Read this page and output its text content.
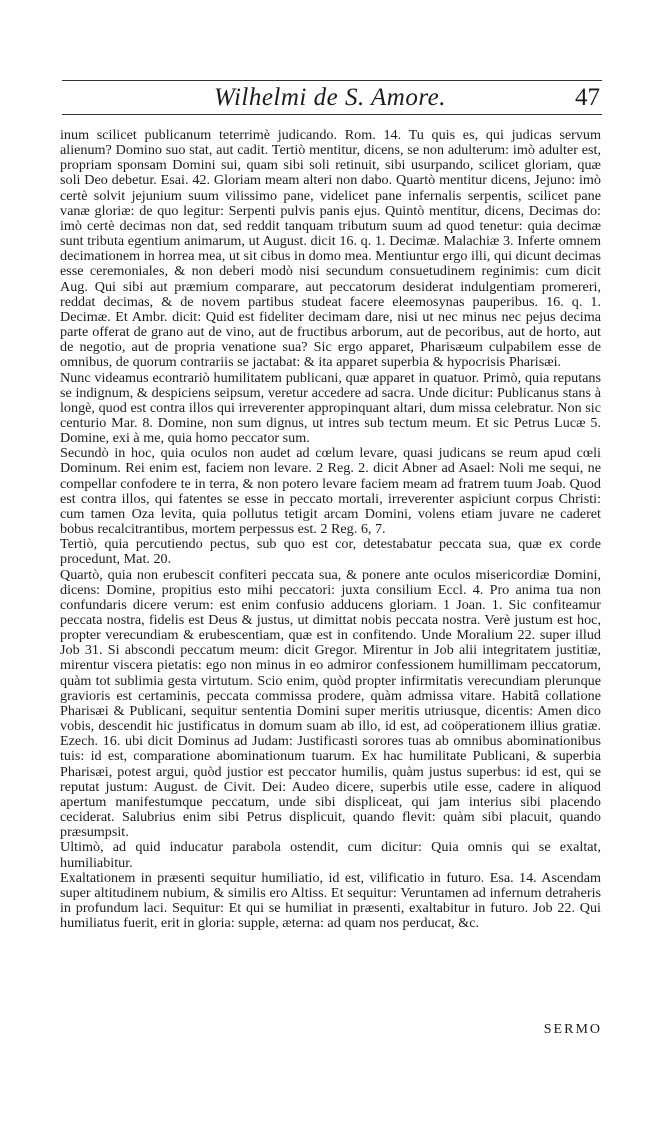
Wilhelmi de S. Amore.	47

inum scilicet publicanum teterrimè judicando. Rom. 14. Tu quis es, qui judicas servum alienum? Domino suo stat, aut cadit. Tertiò mentitur, dicens, se non adulterum: imò adulter est, propriam sponsam Domini sui, quam sibi soli retinuit, sibi usurpando, scilicet gloriam, quæ soli Deo debetur. Esai. 42. Gloriam meam alteri non dabo. Quartò mentitur dicens, Jejuno: imò certè solvit jejunium suum vilissimo pane, videlicet pane infernalis serpentis, scilicet pane vanæ gloriæ: de quo legitur: Serpenti pulvis panis ejus. Quintò mentitur, dicens, Decimas do: imò certè decimas non dat, sed reddit tanquam tributum suum ad quod tenetur: quia decimæ sunt tributa egentium animarum, ut August. dicit 16. q. 1. Decimæ. Malachiæ 3. Inferte omnem decimationem in horrea mea, ut sit cibus in domo mea. Mentiuntur ergo illi, qui dicunt decimas esse ceremoniales, & non deberi modò nisi secundum consuetudinem reginimis: cum dicit Aug. Qui sibi aut præmium comparare, aut peccatorum desiderat indulgentiam promereri, reddat decimas, & de novem partibus studeat facere eleemosynas pauperibus. 16. q. 1. Decimæ. Et Ambr. dicit: Quid est fideliter decimam dare, nisi ut nec minus nec pejus decima parte offerat de grano aut de vino, aut de fructibus arborum, aut de pecoribus, aut de horto, aut de negotio, aut de propria venatione sua? Sic ergo apparet, Pharisæum culpabilem esse de omnibus, de quorum contrariis se jactabat: & ita apparet superbia & hypocrisis Pharisæi.

Nunc videamus econtrariò humilitatem publicani, quæ apparet in quatuor. Primò, quia reputans se indignum, & despiciens seipsum, veretur accedere ad sacra. Unde dicitur: Publicanus stans à longè, quod est contra illos qui irreverenter appropinquant altari, dum missa celebratur. Non sic centurio Mar. 8. Domine, non sum dignus, ut intres sub tectum meum. Et sic Petrus Lucæ 5. Domine, exi à me, quia homo peccator sum.

Secundò in hoc, quia oculos non audet ad cœlum levare, quasi judicans se reum apud cœli Dominum. Rei enim est, faciem non levare. 2 Reg. 2. dicit Abner ad Asael: Noli me sequi, ne compellar confodere te in terra, & non potero levare faciem meam ad fratrem tuum Joab. Quod est contra illos, qui fatentes se esse in peccato mortali, irreverenter aspiciunt corpus Christi: cum tamen Oza levita, quia pollutus tetigit arcam Domini, volens etiam juvare ne caderet bobus recalcitrantibus, mortem perpessus est. 2 Reg. 6, 7.

Tertiò, quia percutiendo pectus, sub quo est cor, detestabatur peccata sua, quæ ex corde procedunt, Mat. 20.

Quartò, quia non erubescit confiteri peccata sua, & ponere ante oculos misericordiæ Domini, dicens: Domine, propitius esto mihi peccatori: juxta consilium Eccl. 4. Pro anima tua non confundaris dicere verum: est enim confusio adducens gloriam. 1 Joan. 1. Sic confiteamur peccata nostra, fidelis est Deus & justus, ut dimittat nobis peccata nostra. Verè justum est hoc, propter verecundiam & erubescentiam, quæ est in confitendo. Unde Moralium 22. super illud Job 31. Si abscondi peccatum meum: dicit Gregor. Mirentur in Job alii integritatem justitiæ, mirentur viscera pietatis: ego non minus in eo admiror confessionem humillimam peccatorum, quàm tot sublimia gesta virtutum. Scio enim, quòd propter infirmitatis verecundiam plerunque gravioris est certaminis, peccata commissa prodere, quàm admissa vitare. Habitâ collatione Pharisæi & Publicani, sequitur sententia Domini super meritis utriusque, dicentis: Amen dico vobis, descendit hic justificatus in domum suam ab illo, id est, ad coöperationem illius gratiæ. Ezech. 16. ubi dicit Dominus ad Judam: Justificasti sorores tuas ab omnibus abominationibus tuis: id est, comparatione abominationum tuarum. Ex hac humilitate Publicani, & superbia Pharisæi, potest argui, quòd justior est peccator humilis, quàm justus superbus: id est, qui se reputat justum: August. de Civit. Dei: Audeo dicere, superbis utile esse, cadere in aliquod apertum manifestumque peccatum, unde sibi displiceat, qui jam interius sibi placendo ceciderat. Salubrius enim sibi Petrus displicuit, quando flevit: quàm sibi placuit, quando præsumpsit.

Ultimò, ad quid inducatur parabola ostendit, cum dicitur: Quia omnis qui se exaltat, humiliabitur.

Exaltationem in præsenti sequitur humiliatio, id est, vilificatio in futuro. Esa. 14. Ascendam super altitudinem nubium, & similis ero Altiss. Et sequitur: Veruntamen ad infernum detraheris in profundum laci. Sequitur: Et qui se humiliat in præsenti, exaltabitur in futuro. Job 22. Qui humiliatus fuerit, erit in gloria: supple, æterna: ad quam nos perducat, &c.

SERMO
